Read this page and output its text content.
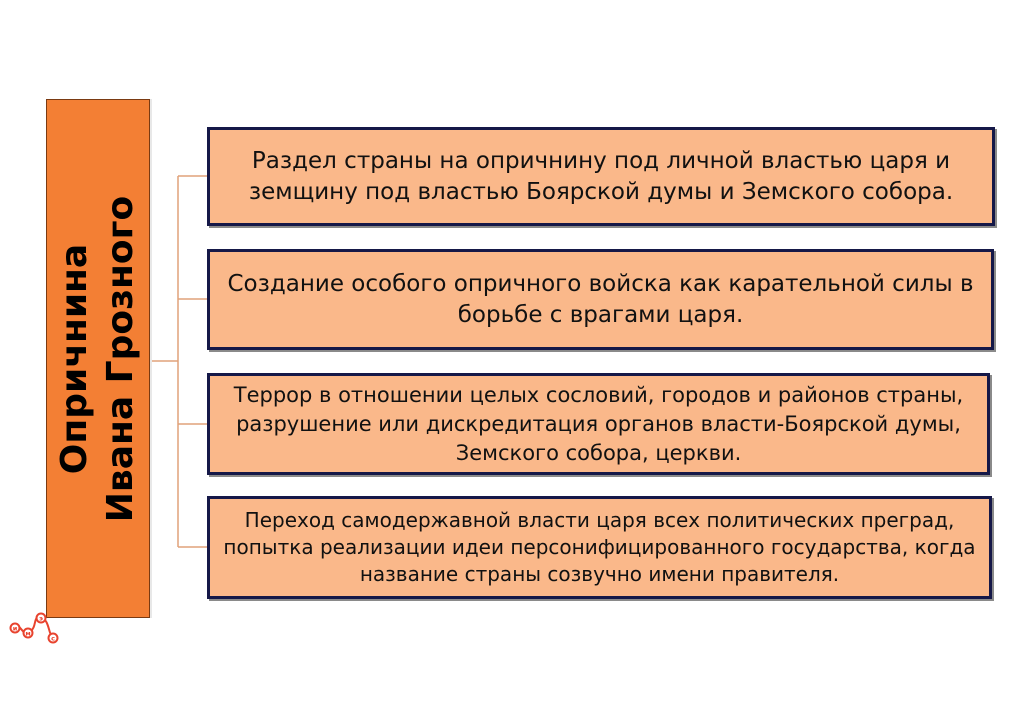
Опричнина Ивана Грозного
Раздел страны на опричнину под личной властью царя и земщину под властью Боярской думы и Земского собора.
Создание особого опричного войска как карательной силы в борьбе с врагами царя.
Террор в отношении целых сословий, городов и районов страны, разрушение или дискредитация органов власти-Боярской думы, Земского собора, церкви.
Переход самодержавной власти царя всех политических преград, попытка реализации идеи персонифицированного государства, когда название страны созвучно имени правителя.
и
м
э
с
